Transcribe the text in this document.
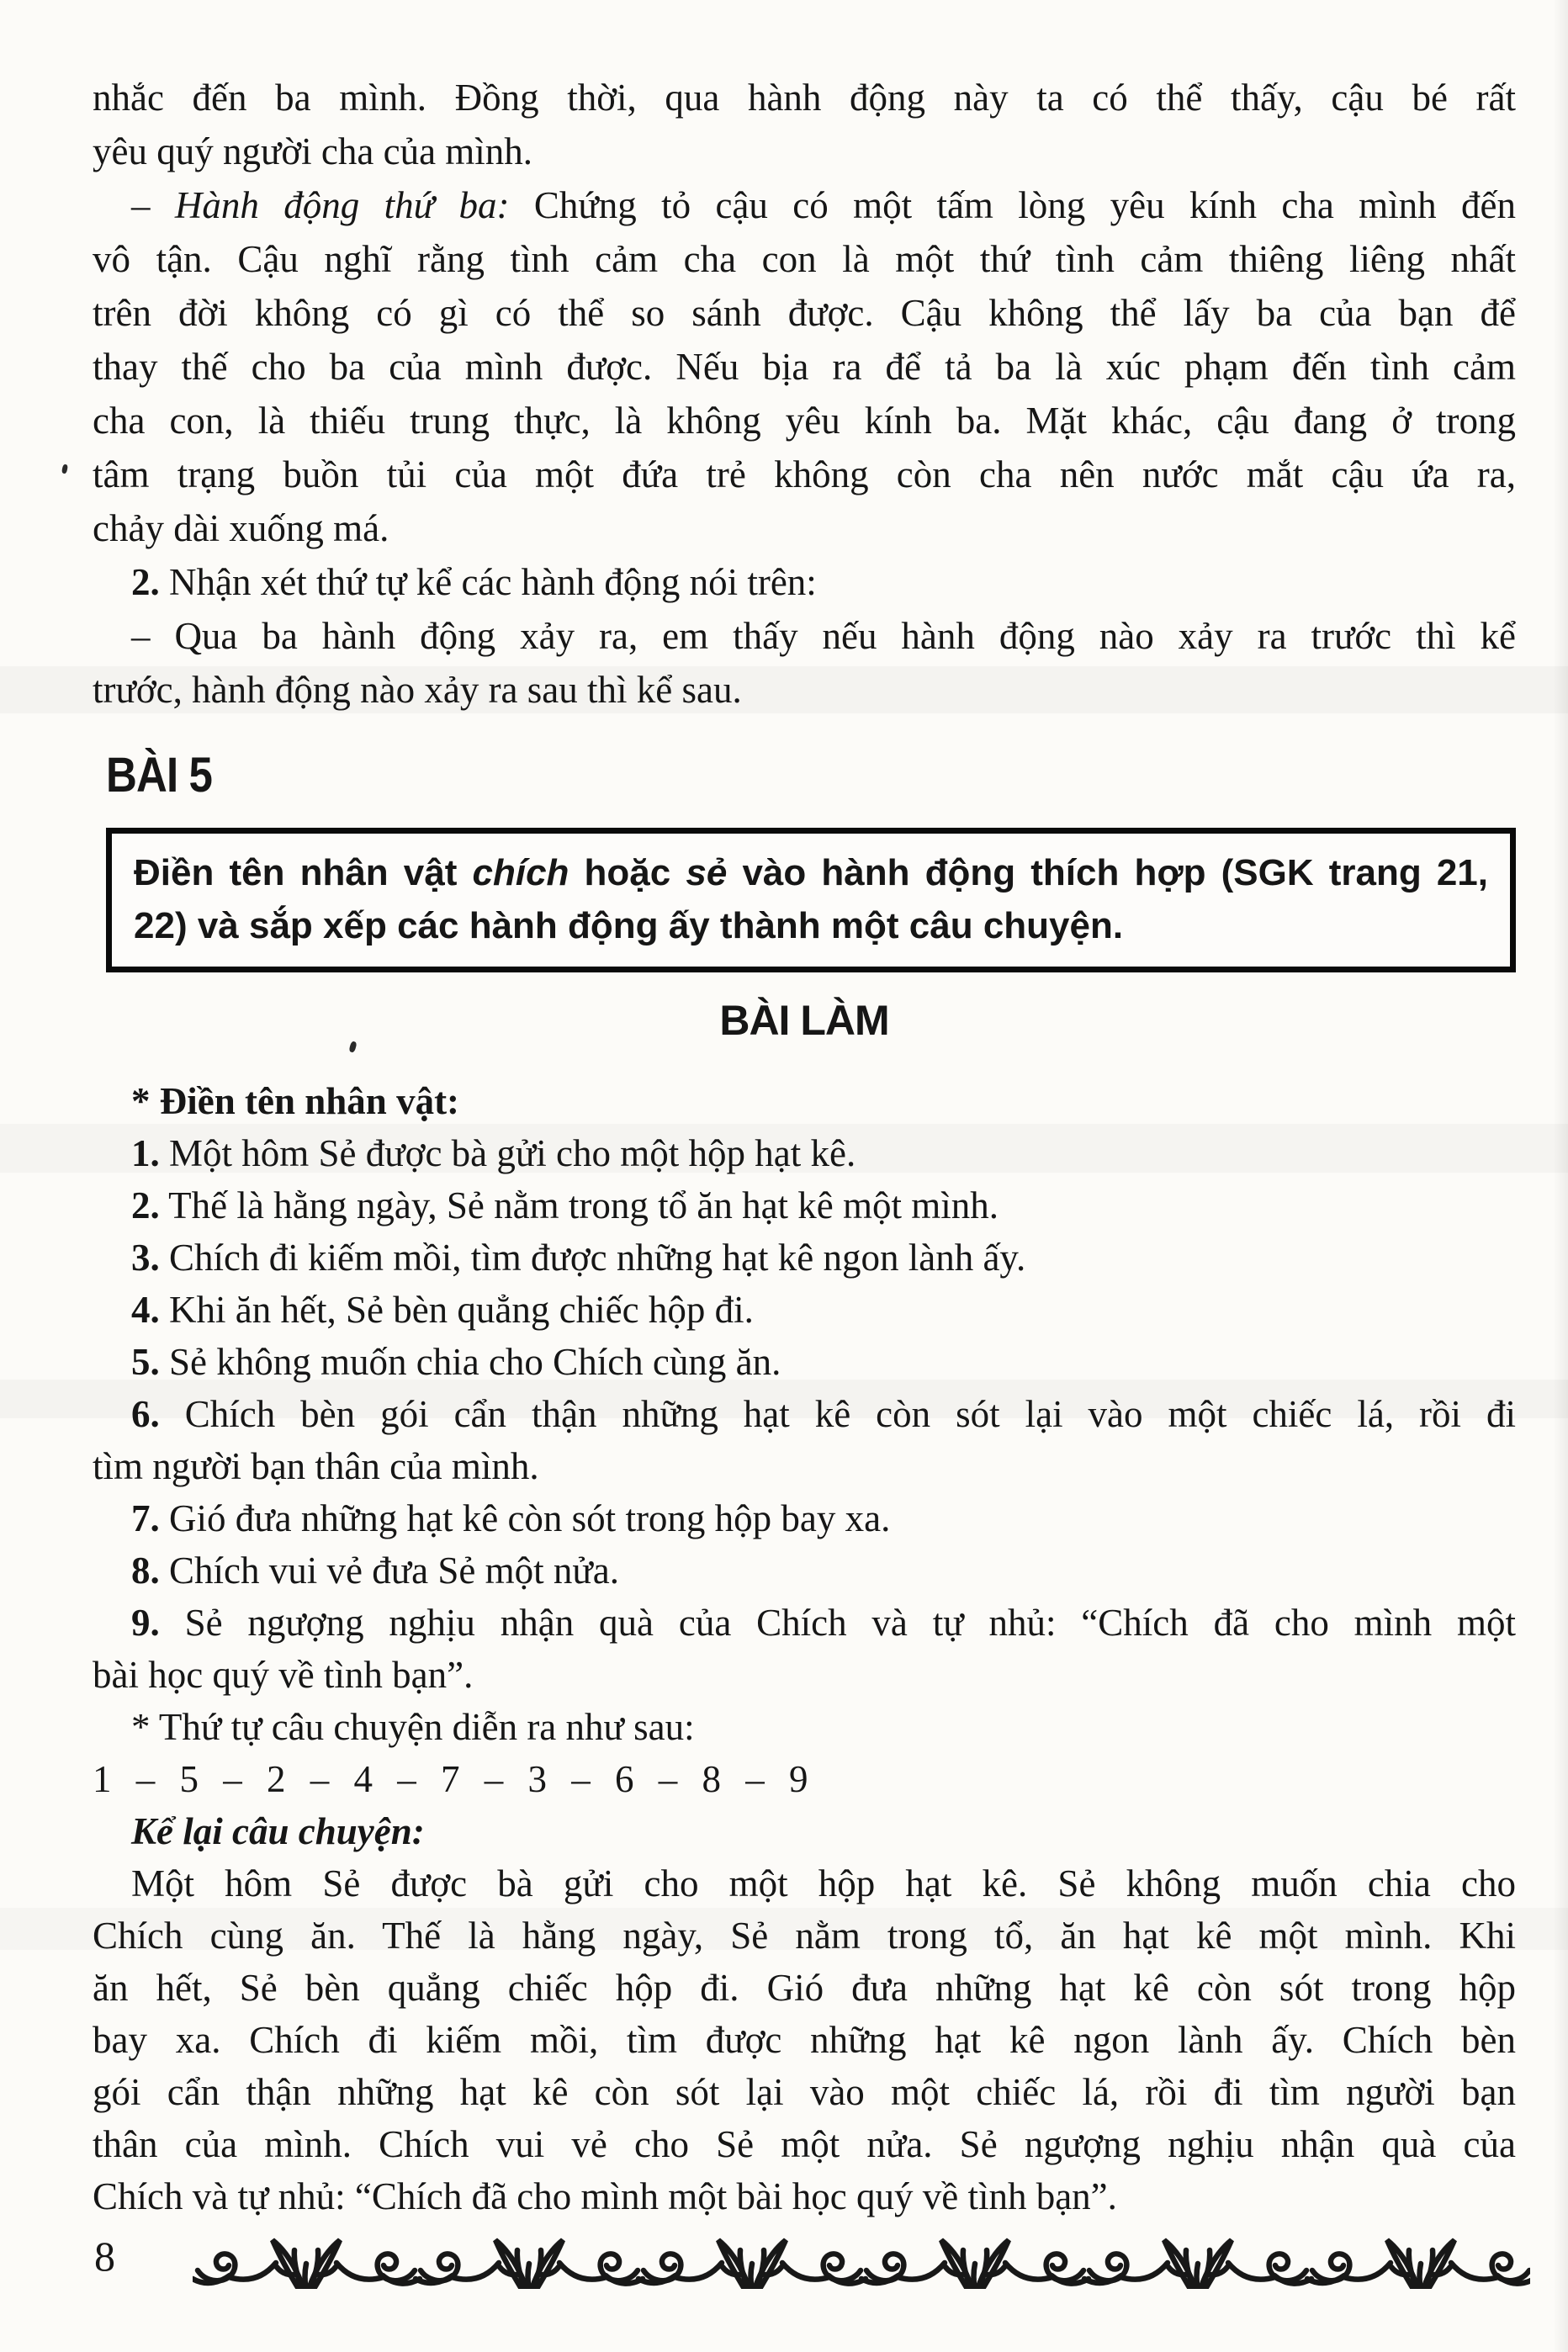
nhắc đến ba mình. Đồng thời, qua hành động này ta có thể thấy, cậu bé rất
yêu quý người cha của mình.
– Hành động thứ ba: Chứng tỏ cậu có một tấm lòng yêu kính cha mình đến
vô tận. Cậu nghĩ rằng tình cảm cha con là một thứ tình cảm thiêng liêng nhất
trên đời không có gì có thể so sánh được. Cậu không thể lấy ba của bạn để
thay thế cho ba của mình được. Nếu bịa ra để tả ba là xúc phạm đến tình cảm
cha con, là thiếu trung thực, là không yêu kính ba. Mặt khác, cậu đang ở trong
tâm trạng buồn tủi của một đứa trẻ không còn cha nên nước mắt cậu ứa ra,
chảy dài xuống má.
2. Nhận xét thứ tự kể các hành động nói trên:
– Qua ba hành động xảy ra, em thấy nếu hành động nào xảy ra trước thì kể
trước, hành động nào xảy ra sau thì kể sau.
BÀI 5
Điền tên nhân vật chích hoặc sẻ vào hành động thích hợp (SGK trang 21,
22) và sắp xếp các hành động ấy thành một câu chuyện.
BÀI LÀM
* Điền tên nhân vật:
1. Một hôm Sẻ được bà gửi cho một hộp hạt kê.
2. Thế là hằng ngày, Sẻ nằm trong tổ ăn hạt kê một mình.
3. Chích đi kiếm mồi, tìm được những hạt kê ngon lành ấy.
4. Khi ăn hết, Sẻ bèn quẳng chiếc hộp đi.
5. Sẻ không muốn chia cho Chích cùng ăn.
6. Chích bèn gói cẩn thận những hạt kê còn sót lại vào một chiếc lá, rồi đi
tìm người bạn thân của mình.
7. Gió đưa những hạt kê còn sót trong hộp bay xa.
8. Chích vui vẻ đưa Sẻ một nửa.
9. Sẻ ngượng nghịu nhận quà của Chích và tự nhủ: “Chích đã cho mình một
bài học quý về tình bạn”.
* Thứ tự câu chuyện diễn ra như sau:
1 – 5 – 2 – 4 – 7 – 3 – 6 – 8 – 9
Kể lại câu chuyện:
Một hôm Sẻ được bà gửi cho một hộp hạt kê. Sẻ không muốn chia cho
Chích cùng ăn. Thế là hằng ngày, Sẻ nằm trong tổ, ăn hạt kê một mình. Khi
ăn hết, Sẻ bèn quẳng chiếc hộp đi. Gió đưa những hạt kê còn sót trong hộp
bay xa. Chích đi kiếm mồi, tìm được những hạt kê ngon lành ấy. Chích bèn
gói cẩn thận những hạt kê còn sót lại vào một chiếc lá, rồi đi tìm người bạn
thân của mình. Chích vui vẻ cho Sẻ một nửa. Sẻ ngượng nghịu nhận quà của
Chích và tự nhủ: “Chích đã cho mình một bài học quý về tình bạn”.
8
